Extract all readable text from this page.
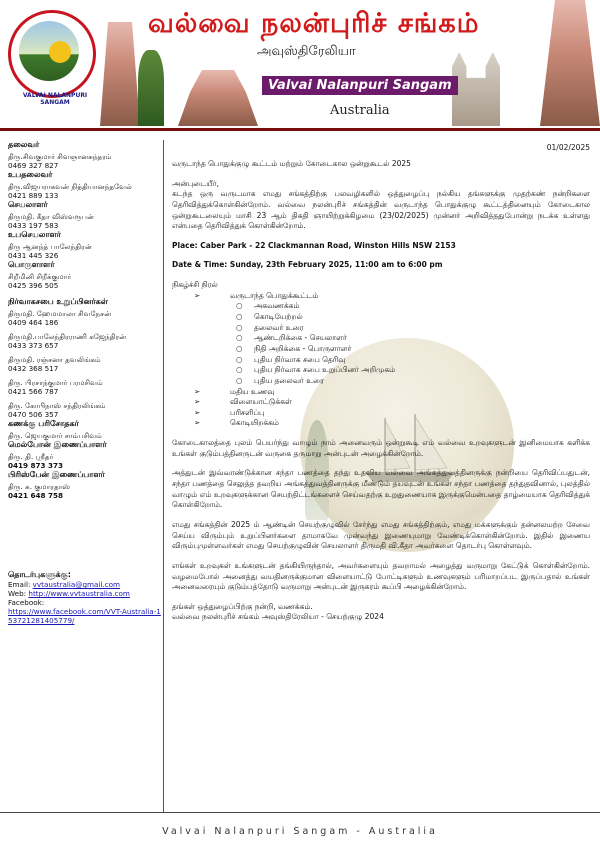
VALVAI NALANPURI SANGAM
வல்வை நலன்புரிச் சங்கம்
அவுஸ்திரேலியா
Valvai Nalanpuri Sangam
Australia
தலைவர்
திரு.சிவகுமார் சிவஞானசுந்தரம்
0469 327 827
உபதலைவர்
திரு.விஜயராகவன் நித்தியானந்தவேல்
0421 889 133
செயலாளர்
திருமதி. கீதா விஸ்வரூபன்
0433 197 583
உபசெயலாளர்
திரு ஆனந்த் பாலேந்திரன்
0431 445 326
பொருளாளர்
சிறீமினி சிறீக்குமார்
0425 396 505
நிர்வாகசபை உறுப்பினர்கள்
திருமதி. ஹேமமாலா சிவநேசன்
0409 464 186
திருமதி.பாலேந்திரராணி கஜேந்திரன்
0433 373 657
திருமதி. ரஞ்சனா தவலிங்கம்
0432 368 517
திரு. பிரசாந்குமார் பரமசிவம்
0421 566 787
திரு. கோபிநாஸ் சந்திரலிங்கம்
0470 506 357
கணக்கு பரிசோதகர்
திரு. ஜெயகுமார் சாம்பசிவம்
மெல்போன் இணைப்பாளர்
திரு. தி. ஸ்ரீதர்
0419 873 373
பிரிஸ்பேன் இணைப்பாளர்
திரு. சு. குமாரதாஸ்
0421 648 758
தொடர்புகளுக்கு:
Email: vvtaustralia@gmail.com
Web: http://www.vvtaustralia.com
Facebook:
https://www.facebook.com/VVT-Australia-153721281405779/
01/02/2025

வருடாந்த பொதுக்குழு கூட்டம் மற்றும் கோடைகால ஒன்றுகூடல் 2025

அன்புடையீர்,

கடந்த ஒரு வருடமாக எமது சங்கத்திற்கு பலவழிகளில் ஒத்துழைப்பு நல்கிய தங்களுக்கு முதற்கண் நன்றிகளை தெரிவித்துக்கொள்கின்றோம். வல்வை நலன்புரிச் சங்கத்தின் வருடாந்த பொதுக்குழு கூட்டத்தினையும் கோடைகால ஒன்றுகூடலையும் மாசி 23 ஆம் திகதி ஞாயிற்றுக்கிழமை (23/02/2025) முன்னர் அறிவித்ததுபோன்று நடக்க உள்ளது என்பதை தெரிவித்துக் கொள்கின்றோம்.

Place: Caber Park - 22 Clackmannan Road, Winston Hills NSW 2153

Date & Time: Sunday, 23th February 2025, 11:00 am to 6:00 pm

நிகழ்ச்சி நிரல்

➢	வருடாந்த பொதுக்கூட்டம்
○ அகவணக்கம்
○ கொடியேற்றல்
○ தலைவர் உரை
○ ஆண்டறிக்கை - செயலாளர்
○ நிதி அறிக்கை - பொருளாளர்
○ புதிய நிர்வாக சபை தெரிவு
○ புதிய நிர்வாக சபை உறுப்பினர் அறிமுகம்
○ புதிய தலைவர் உரை
➢	மதிய உணவு
➢	விளையாட்டுக்கள்
➢	பரிசளிப்பு
➢	கொடியிறக்கம்

கோடைகாலத்தை புலம் பெயர்ந்து வாழும் நாம் அனைவரும் ஒன்றுகூடி எம் வல்வை உறவுகளுடன் இனிமையாக களிக்க உங்கள் குடும்பத்தினருடன் வருகை தருமாறு அன்புடன் அழைக்கின்றோம்.

அத்துடன் இவ்வாண்டுக்கான சந்தா பணத்தை தந்து உதவிய வல்வை அங்கத்துவத்தினருக்கு நன்றியை தெரிவிப்பதுடன், சந்தா பணத்தை செலுத்த தவறிய அங்கத்துவத்தினருக்கு மீண்டும் தயவுடன் உங்கள் சந்தா பணத்தை தந்துதவினால், புலத்தில் வாழும் எம் உறவுகளுக்கான செயற்திட்டங்களைச் செய்வதற்கு உறுதுணையாக இருக்குமென்பதை தாழ்மையாக தெரிவித்துக் கொள்கிறோம்.

எமது சங்கத்தின் 2025 ம் ஆண்டின் செயற்குழுவில் சேர்ந்து எமது சங்கத்திற்கும், எமது மக்களுக்கும் தன்னலமற்ற சேவை செய்ய விரும்பும் உறுப்பினர்களை தாமாகவே முன்வந்து இணையுமாறு வேண்டிக்கொள்கின்றோம். இதில் இணைய விரும்புமுள்ளவர்கள் எமது செயற்குழுவின் செயலாளர் திருமதி வி.கீதா அவர்களை தொடர்பு கொள்ளவும்.

எங்கள் உறவுகள் உங்களுடன் தங்கியிருந்தால், அவர்களையும் தவறாமல் அழைத்து வருமாறு கேட்டுக் கொள்கின்றோம். வழமைபோல் அனைத்து வயதினருக்குமான விளையாட்டு போட்டிகளும் உணவுகளும் பரிமாறப்பட இருப்பதால் உங்கள் அனைவரையும் குடும்பத்தோடு வருமாறு அன்புடன் இருகரம் கூப்பி அழைக்கின்றோம்.

தங்கள் ஒத்துழைப்பிற்கு நன்றி, வணக்கம்.

வல்வை நலன்புரிச் சங்கம் அவுஸ்திரேலியா - செயற்குழு 2024

Valvai Nalanpuri Sangam - Australia
